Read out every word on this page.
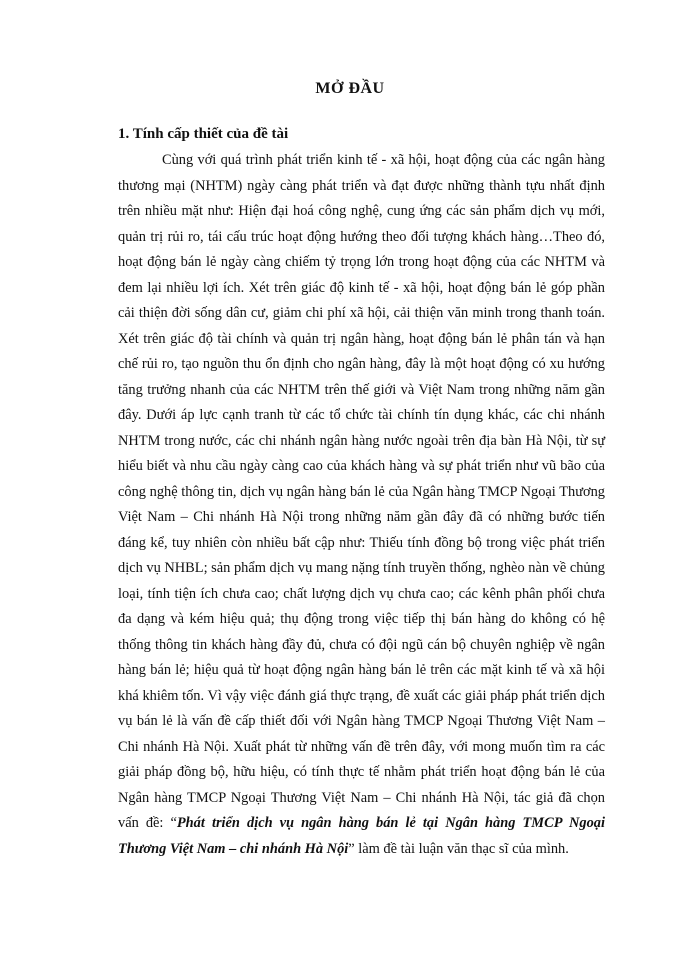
MỞ ĐẦU
1. Tính cấp thiết của đề tài

Cùng với quá trình phát triển kinh tế - xã hội, hoạt động của các ngân hàng thương mại (NHTM) ngày càng phát triển và đạt được những thành tựu nhất định trên nhiều mặt như: Hiện đại hoá công nghệ, cung ứng các sản phẩm dịch vụ mới, quản trị rủi ro, tái cấu trúc hoạt động hướng theo đối tượng khách hàng…Theo đó, hoạt động bán lẻ ngày càng chiếm tỷ trọng lớn trong hoạt động của các NHTM và đem lại nhiều lợi ích. Xét trên giác độ kinh tế - xã hội, hoạt động bán lẻ góp phần cải thiện đời sống dân cư, giảm chi phí xã hội, cải thiện văn minh trong thanh toán. Xét trên giác độ tài chính và quản trị ngân hàng, hoạt động bán lẻ phân tán và hạn chế rủi ro, tạo nguồn thu ổn định cho ngân hàng, đây là một hoạt động có xu hướng tăng trưởng nhanh của các NHTM trên thế giới và Việt Nam trong những năm gần đây. Dưới áp lực cạnh tranh từ các tổ chức tài chính tín dụng khác, các chi nhánh NHTM trong nước, các chi nhánh ngân hàng nước ngoài trên địa bàn Hà Nội, từ sự hiểu biết và nhu cầu ngày càng cao của khách hàng và sự phát triển như vũ bão của công nghệ thông tin, dịch vụ ngân hàng bán lẻ của Ngân hàng TMCP Ngoại Thương Việt Nam – Chi nhánh Hà Nội trong những năm gần đây đã có những bước tiến đáng kể, tuy nhiên còn nhiều bất cập như: Thiếu tính đồng bộ trong việc phát triển dịch vụ NHBL; sản phẩm dịch vụ mang nặng tính truyền thống, nghèo nàn về chủng loại, tính tiện ích chưa cao; chất lượng dịch vụ chưa cao; các kênh phân phối chưa đa dạng và kém hiệu quả; thụ động trong việc tiếp thị bán hàng do không có hệ thống thông tin khách hàng đầy đủ, chưa có đội ngũ cán bộ chuyên nghiệp về ngân hàng bán lẻ; hiệu quả từ hoạt động ngân hàng bán lẻ trên các mặt kinh tế và xã hội khá khiêm tốn. Vì vậy việc đánh giá thực trạng, đề xuất các giải pháp phát triển dịch vụ bán lẻ là vấn đề cấp thiết đối với Ngân hàng TMCP Ngoại Thương Việt Nam – Chi nhánh Hà Nội. Xuất phát từ những vấn đề trên đây, với mong muốn tìm ra các giải pháp đồng bộ, hữu hiệu, có tính thực tế nhằm phát triển hoạt động bán lẻ của Ngân hàng TMCP Ngoại Thương Việt Nam – Chi nhánh Hà Nội, tác giả đã chọn vấn đề: “Phát triển dịch vụ ngân hàng bán lẻ tại Ngân hàng TMCP Ngoại Thương Việt Nam – chi nhánh Hà Nội” làm đề tài luận văn thạc sĩ của mình.
